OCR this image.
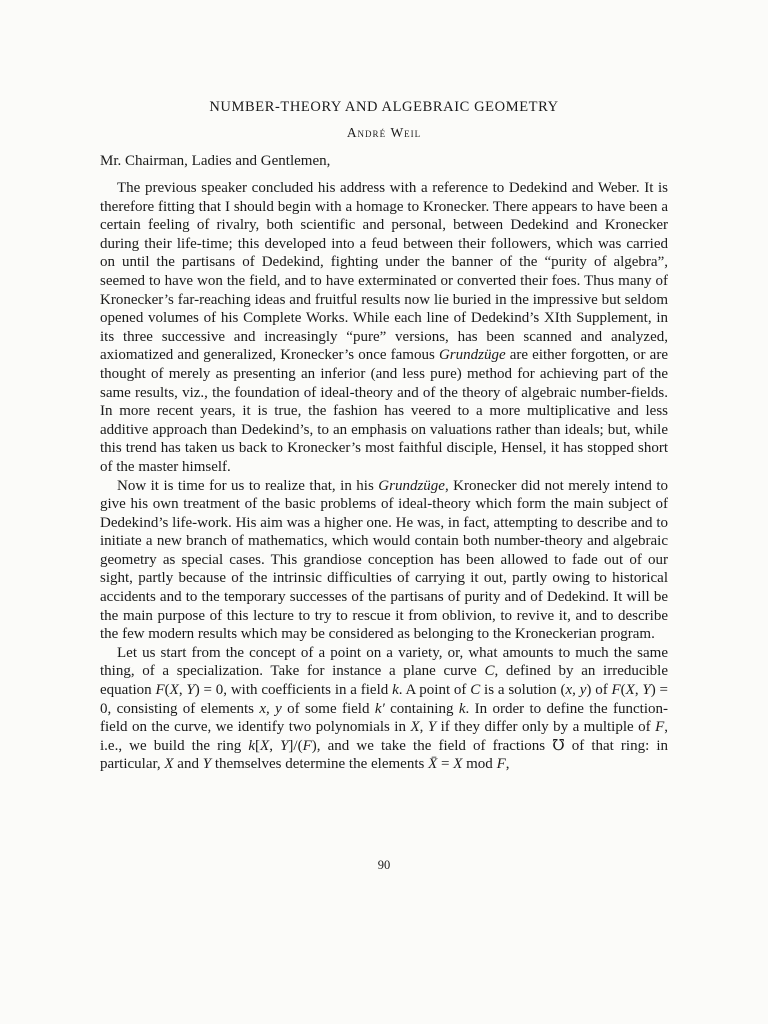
NUMBER-THEORY AND ALGEBRAIC GEOMETRY

André Weil

Mr. Chairman, Ladies and Gentlemen,

The previous speaker concluded his address with a reference to Dedekind and Weber. It is therefore fitting that I should begin with a homage to Kronecker. There appears to have been a certain feeling of rivalry, both scientific and personal, between Dedekind and Kronecker during their life-time; this developed into a feud between their followers, which was carried on until the partisans of Dedekind, fighting under the banner of the “purity of algebra”, seemed to have won the field, and to have exterminated or converted their foes. Thus many of Kronecker’s far-reaching ideas and fruitful results now lie buried in the impressive but seldom opened volumes of his Complete Works. While each line of Dedekind’s XIth Supplement, in its three successive and increasingly “pure” versions, has been scanned and analyzed, axiomatized and generalized, Kronecker’s once famous Grundzüge are either forgotten, or are thought of merely as presenting an inferior (and less pure) method for achieving part of the same results, viz., the foundation of ideal-theory and of the theory of algebraic number-fields. In more recent years, it is true, the fashion has veered to a more multiplicative and less additive approach than Dedekind’s, to an emphasis on valuations rather than ideals; but, while this trend has taken us back to Kronecker’s most faithful disciple, Hensel, it has stopped short of the master himself.

Now it is time for us to realize that, in his Grundzüge, Kronecker did not merely intend to give his own treatment of the basic problems of ideal-theory which form the main subject of Dedekind’s life-work. His aim was a higher one. He was, in fact, attempting to describe and to initiate a new branch of mathematics, which would contain both number-theory and algebraic geometry as special cases. This grandiose conception has been allowed to fade out of our sight, partly because of the intrinsic difficulties of carrying it out, partly owing to historical accidents and to the temporary successes of the partisans of purity and of Dedekind. It will be the main purpose of this lecture to try to rescue it from oblivion, to revive it, and to describe the few modern results which may be considered as belonging to the Kroneckerian program.

Let us start from the concept of a point on a variety, or, what amounts to much the same thing, of a specialization. Take for instance a plane curve C, defined by an irreducible equation F(X, Y) = 0, with coefficients in a field k. A point of C is a solution (x, y) of F(X, Y) = 0, consisting of elements x, y of some field k′ containing k. In order to define the function-field on the curve, we identify two polynomials in X, Y if they differ only by a multiple of F, i.e., we build the ring k[X, Y]/(F), and we take the field of fractions ℧ of that ring: in particular, X and Y themselves determine the elements X̄ = X mod F,

90
